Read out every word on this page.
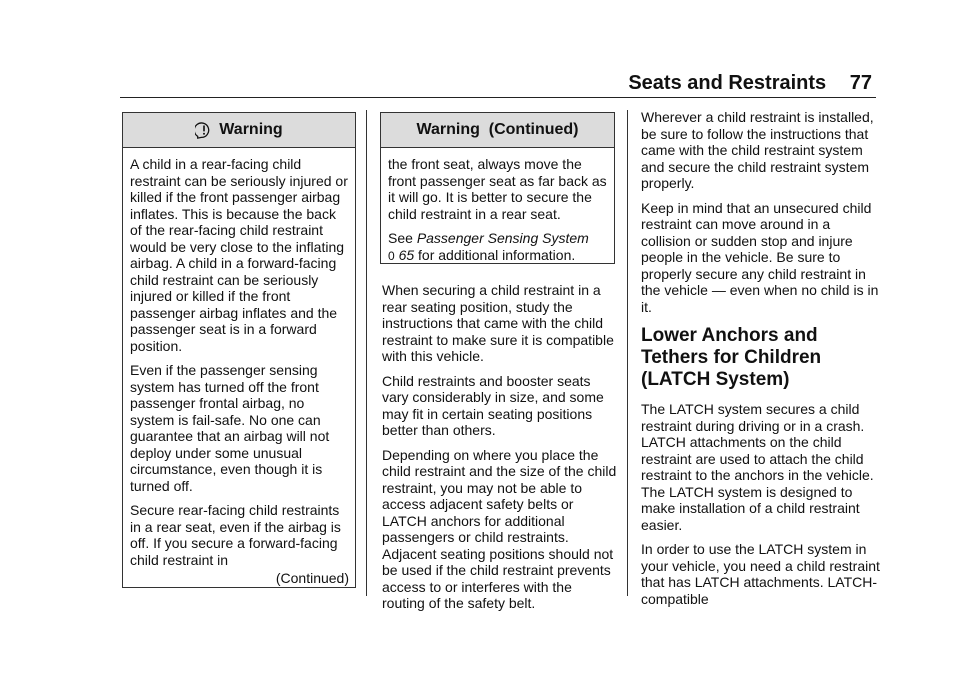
Seats and Restraints 77
Warning

A child in a rear-facing child restraint can be seriously injured or killed if the front passenger airbag inflates. This is because the back of the rear-facing child restraint would be very close to the inflating airbag. A child in a forward-facing child restraint can be seriously injured or killed if the front passenger airbag inflates and the passenger seat is in a forward position.

Even if the passenger sensing system has turned off the front passenger frontal airbag, no system is fail-safe. No one can guarantee that an airbag will not deploy under some unusual circumstance, even though it is turned off.

Secure rear-facing child restraints in a rear seat, even if the airbag is off. If you secure a forward-facing child restraint in

(Continued)
Warning  (Continued)

the front seat, always move the front passenger seat as far back as it will go. It is better to secure the child restraint in a rear seat.

See Passenger Sensing System
0 65 for additional information.

When securing a child restraint in a rear seating position, study the instructions that came with the child restraint to make sure it is compatible with this vehicle.

Child restraints and booster seats vary considerably in size, and some may fit in certain seating positions better than others.

Depending on where you place the child restraint and the size of the child restraint, you may not be able to access adjacent safety belts or LATCH anchors for additional passengers or child restraints. Adjacent seating positions should not be used if the child restraint prevents access to or interferes with the routing of the safety belt.

Wherever a child restraint is installed, be sure to follow the instructions that came with the child restraint system and secure the child restraint system properly.

Keep in mind that an unsecured child restraint can move around in a collision or sudden stop and injure people in the vehicle. Be sure to properly secure any child restraint in the vehicle — even when no child is in it.

Lower Anchors and Tethers for Children (LATCH System)

The LATCH system secures a child restraint during driving or in a crash. LATCH attachments on the child restraint are used to attach the child restraint to the anchors in the vehicle. The LATCH system is designed to make installation of a child restraint easier.

In order to use the LATCH system in your vehicle, you need a child restraint that has LATCH attachments. LATCH-compatible
